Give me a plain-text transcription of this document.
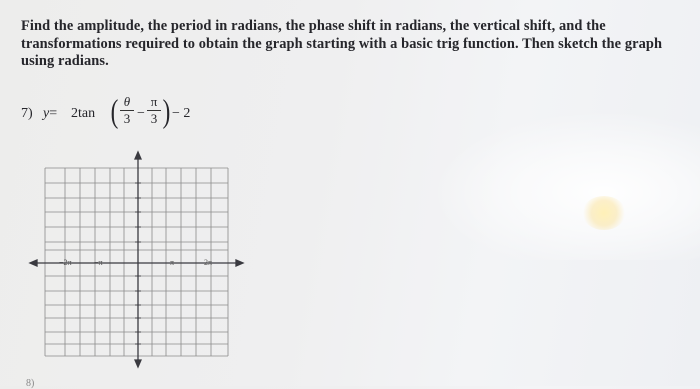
Find the amplitude, the period in radians, the phase shift in radians, the vertical shift, and the transformations required to obtain the graph starting with a basic trig function. Then sketch the graph using radians.

7) y= 2tan ( θ
3 −
π
3 ) − 2
−2π	−π	π	2π
8)
